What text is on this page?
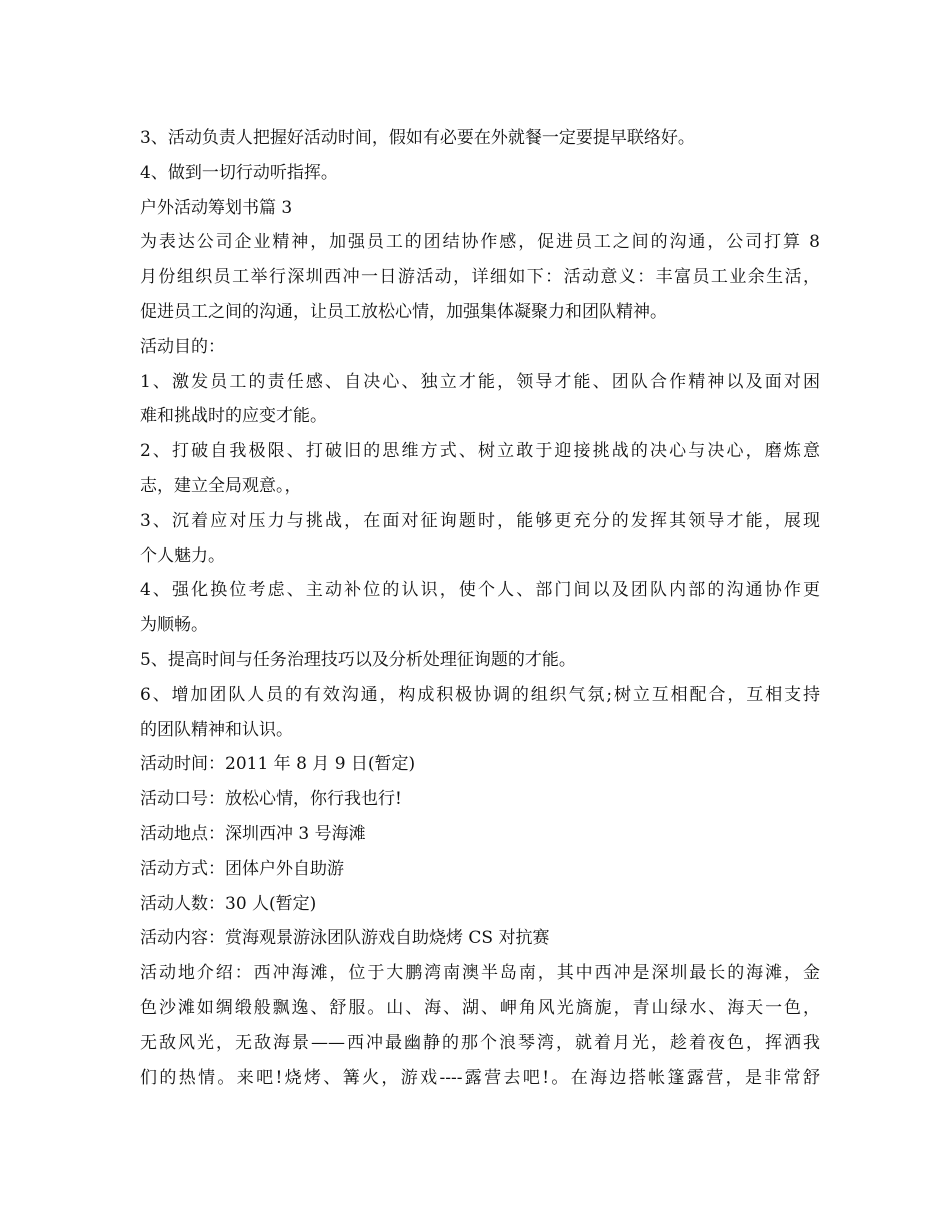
3、活动负责人把握好活动时间，假如有必要在外就餐一定要提早联络好。
4、做到一切行动听指挥。
户外活动筹划书篇 3
为表达公司企业精神，加强员工的团结协作感，促进员工之间的沟通，公司打算 8
月份组织员工举行深圳西冲一日游活动，详细如下：活动意义：丰富员工业余生活，
促进员工之间的沟通，让员工放松心情，加强集体凝聚力和团队精神。
活动目的：
1、激发员工的责任感、自决心、独立才能，领导才能、团队合作精神以及面对困
难和挑战时的应变才能。
2、打破自我极限、打破旧的思维方式、树立敢于迎接挑战的决心与决心，磨炼意
志，建立全局观意。，
3、沉着应对压力与挑战，在面对征询题时，能够更充分的发挥其领导才能，展现
个人魅力。
4、强化换位考虑、主动补位的认识，使个人、部门间以及团队内部的沟通协作更
为顺畅。
5、提高时间与任务治理技巧以及分析处理征询题的才能。
6、增加团队人员的有效沟通，构成积极协调的组织气氛;树立互相配合，互相支持
的团队精神和认识。
活动时间：2011 年 8 月 9 日(暂定)
活动口号：放松心情，你行我也行!
活动地点：深圳西冲 3 号海滩
活动方式：团体户外自助游
活动人数：30 人(暂定)
活动内容：赏海观景游泳团队游戏自助烧烤 CS 对抗赛
活动地介绍：西冲海滩，位于大鹏湾南澳半岛南，其中西冲是深圳最长的海滩，金
色沙滩如绸缎般飘逸、舒服。山、海、湖、岬角风光旖旎，青山绿水、海天一色，
无敌风光，无敌海景——西冲最幽静的那个浪琴湾，就着月光，趁着夜色，挥洒我
们的热情。来吧!烧烤、篝火，游戏----露营去吧!。在海边搭帐篷露营，是非常舒
